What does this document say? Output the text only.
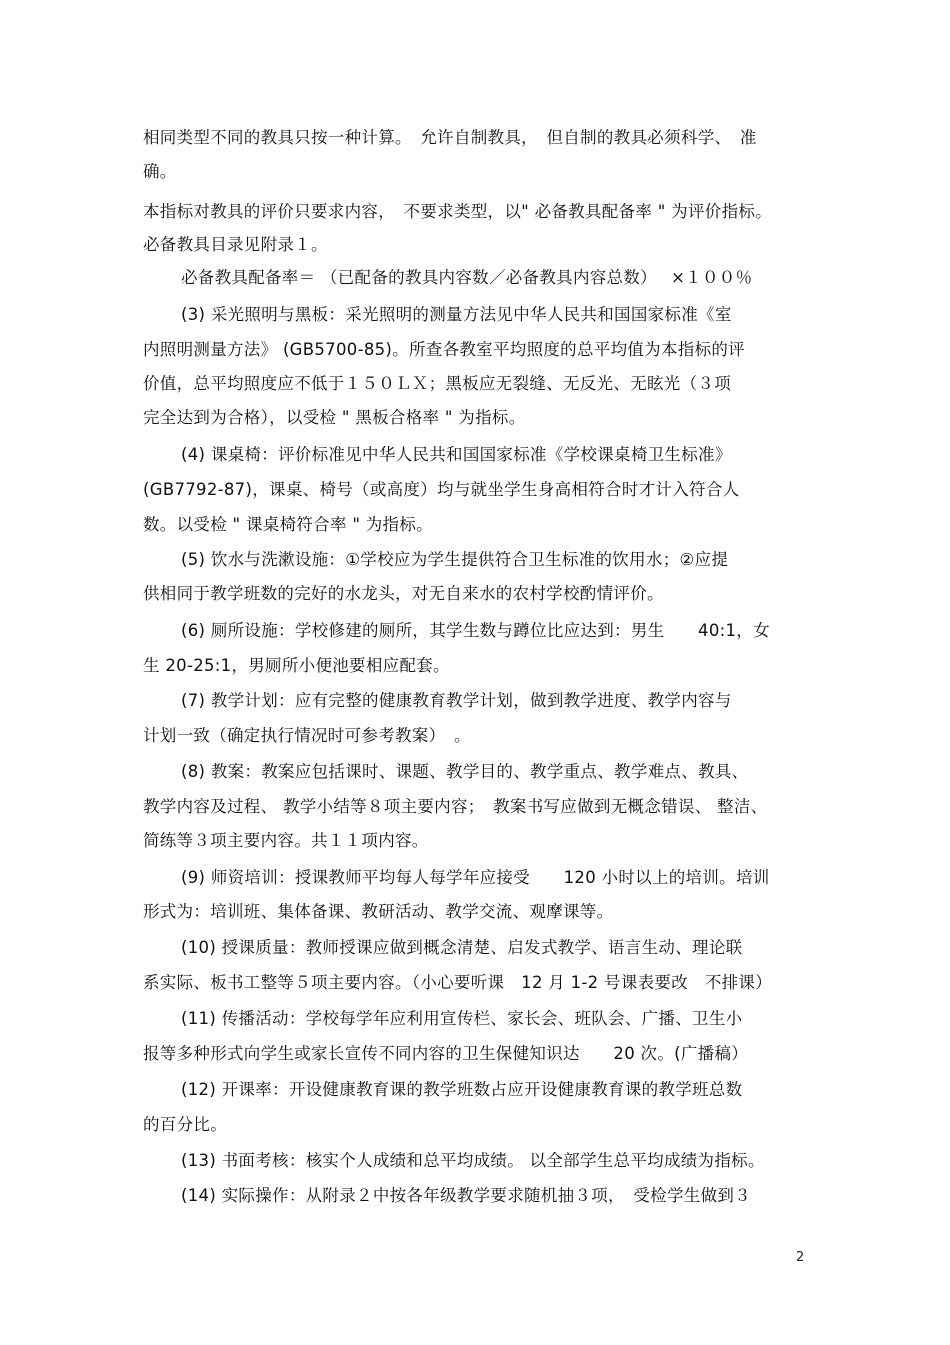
相同类型不同的教具只按一种计算。　允许自制教具，　但自制的教具必须科学、　准
确。
本指标对教具的评价只要求内容，　不要求类型，以" 必备教具配备率 " 为评价指标。
必备教具目录见附录１。
必备教具配备率＝ （已配备的教具内容数／必备教具内容总数）　 ×１００％
(3) 采光照明与黑板：采光照明的测量方法见中华人民共和国国家标准《室
内照明测量方法》 (GB5700-85)。所查各教室平均照度的总平均值为本指标的评
价值，总平均照度应不低于１５０ＬＸ；黑板应无裂缝、无反光、无眩光（３项
完全达到为合格），以受检 " 黑板合格率 " 为指标。
(4) 课桌椅：评价标准见中华人民共和国国家标准《学校课桌椅卫生标准》
(GB7792-87)，课桌、椅号（或高度）均与就坐学生身高相符合时才计入符合人
数。以受检 " 课桌椅符合率 " 为指标。
(5) 饮水与洗漱设施：①学校应为学生提供符合卫生标准的饮用水；②应提
供相同于教学班数的完好的水龙头，对无自来水的农村学校酌情评价。
(6) 厕所设施：学校修建的厕所，其学生数与蹲位比应达到：男生　　40:1，女
生 20-25:1，男厕所小便池要相应配套。
(7) 教学计划：应有完整的健康教育教学计划，做到教学进度、教学内容与
计划一致（确定执行情况时可参考教案）　。
(8) 教案：教案应包括课时、课题、教学目的、教学重点、教学难点、教具、
教学内容及过程、 教学小结等８项主要内容；　教案书写应做到无概念错误、 整洁、
简练等３项主要内容。共１１项内容。
(9) 师资培训：授课教师平均每人每学年应接受　　120 小时以上的培训。培训
形式为：培训班、集体备课、教研活动、教学交流、观摩课等。
(10) 授课质量：教师授课应做到概念清楚、启发式教学、语言生动、理论联
系实际、板书工整等５项主要内容。（小心要听课　12 月 1-2 号课表要改　不排课）
(11) 传播活动：学校每学年应利用宣传栏、家长会、班队会、广播、卫生小
报等多种形式向学生或家长宣传不同内容的卫生保健知识达　　20 次。(广播稿）
(12) 开课率：开设健康教育课的教学班数占应开设健康教育课的教学班总数
的百分比。
(13) 书面考核：核实个人成绩和总平均成绩。 以全部学生总平均成绩为指标。
(14) 实际操作：从附录２中按各年级教学要求随机抽３项，　受检学生做到３
2
